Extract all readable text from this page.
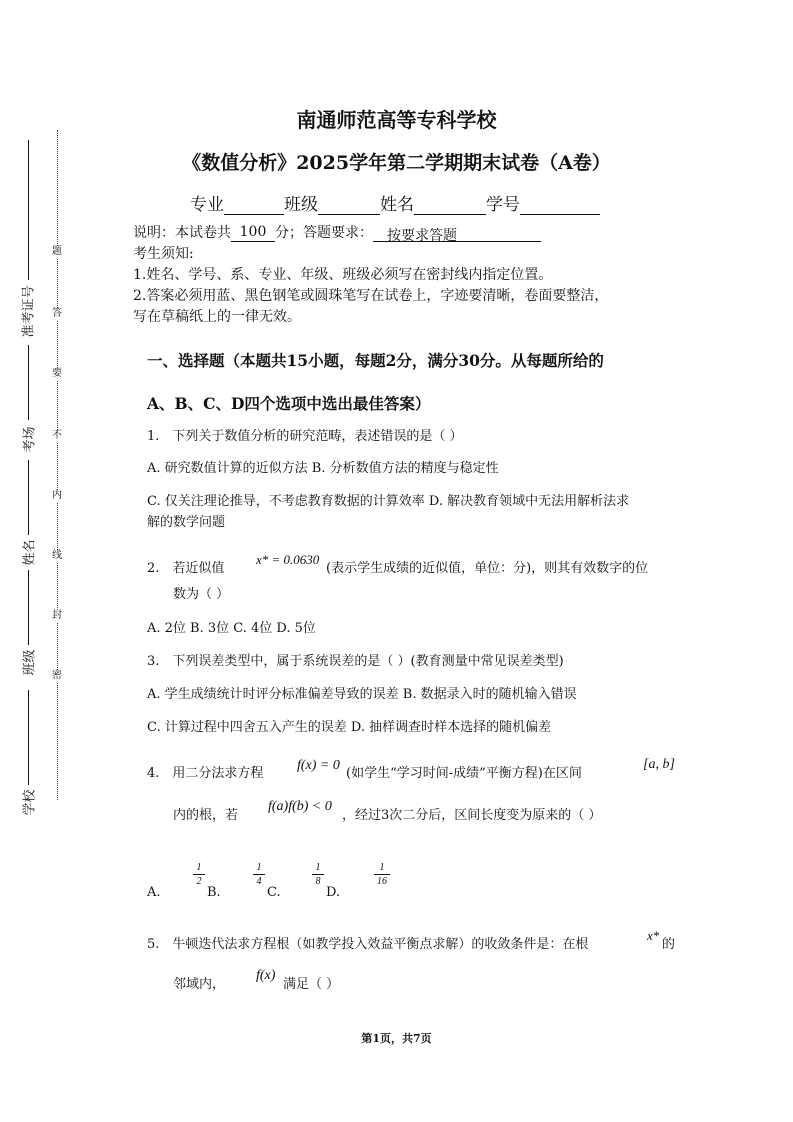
题
答
要
不
内
线
封
密
准考证号
考场
姓名
班级
学校
南通师范高等专科学校
《数值分析》2025学年第二学期期末试卷（A卷）
专业	班级	姓名	学号
说明：本试卷共 100 分；答题要求： 按要求答题
考生须知:
1.姓名、学号、系、专业、年级、班级必须写在密封线内指定位置。
2.答案必须用蓝、黑色钢笔或圆珠笔写在试卷上，字迹要清晰，卷面要整洁，
写在草稿纸上的一律无效。
一、选择题（本题共15小题，每题2分，满分30分。从每题所给的
A、B、C、D四个选项中选出最佳答案）
1.　下列关于数值分析的研究范畴，表述错误的是（ ）
A. 研究数值计算的近似方法 B. 分析数值方法的精度与稳定性
C. 仅关注理论推导，不考虑教育数据的计算效率 D. 解决教育领域中无法用解析法求
解的数学问题
2.　若近似值
x* = 0.0630
(表示学生成绩的近似值，单位：分)，则其有效数字的位
数为（ ）
A. 2位 B. 3位 C. 4位 D. 5位
3.　下列误差类型中，属于系统误差的是（ ）(教育测量中常见误差类型)
A. 学生成绩统计时评分标准偏差导致的误差 B. 数据录入时的随机输入错误
C. 计算过程中四舍五入产生的误差 D. 抽样调查时样本选择的随机偏差
4.　用二分法求方程
f(x) = 0
(如学生“学习时间-成绩”平衡方程)在区间
[a, b]
内的根，若
f(a)f(b) < 0
，经过3次二分后，区间长度变为原来的（ ）
A.
1
2
B.
1
4
C.
1
8
D.
1
16
5.　牛顿迭代法求方程根（如教学投入效益平衡点求解）的收敛条件是：在根
x*
的
邻域内，
f(x)
满足（ ）
第1页，共7页
